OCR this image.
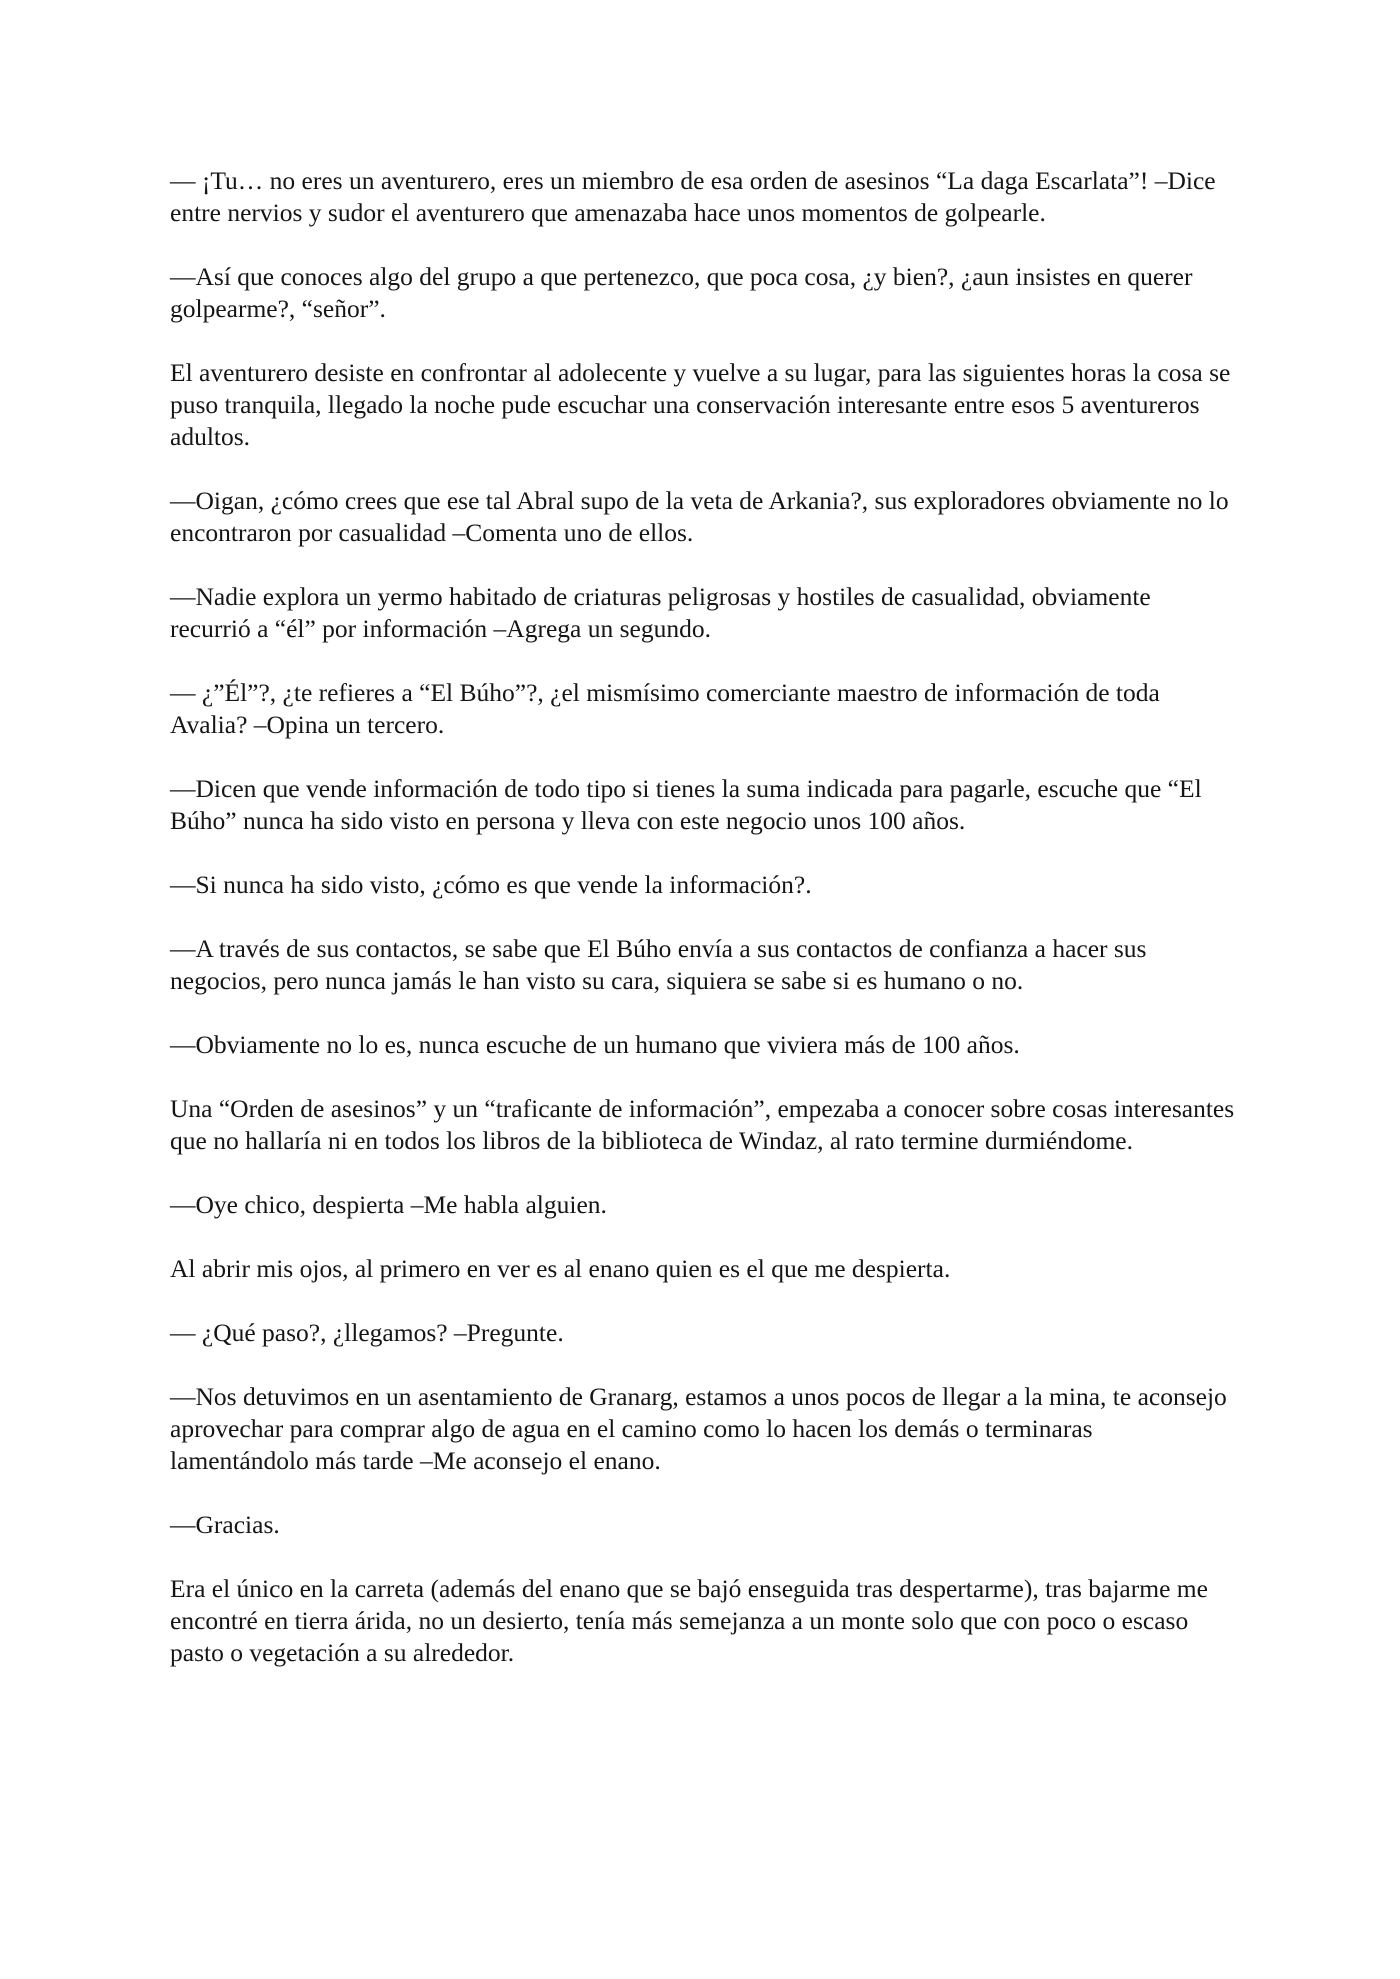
— ¡Tu… no eres un aventurero, eres un miembro de esa orden de asesinos “La daga Escarlata”! –Dice entre nervios y sudor el aventurero que amenazaba hace unos momentos de golpearle.

—Así que conoces algo del grupo a que pertenezco, que poca cosa, ¿y bien?, ¿aun insistes en querer golpearme?, “señor”.

El aventurero desiste en confrontar al adolecente y vuelve a su lugar, para las siguientes horas la cosa se puso tranquila, llegado la noche pude escuchar una conservación interesante entre esos 5 aventureros adultos.

—Oigan, ¿cómo crees que ese tal Abral supo de la veta de Arkania?, sus exploradores obviamente no lo encontraron por casualidad –Comenta uno de ellos.

—Nadie explora un yermo habitado de criaturas peligrosas y hostiles de casualidad, obviamente recurrió a “él” por información –Agrega un segundo.

— ¿”Él”?, ¿te refieres a “El Búho”?, ¿el mismísimo comerciante maestro de información de toda Avalia? –Opina un tercero.

—Dicen que vende información de todo tipo si tienes la suma indicada para pagarle, escuche que “El Búho” nunca ha sido visto en persona y lleva con este negocio unos 100 años.

—Si nunca ha sido visto, ¿cómo es que vende la información?.

—A través de sus contactos, se sabe que El Búho envía a sus contactos de confianza a hacer sus negocios, pero nunca jamás le han visto su cara, siquiera se sabe si es humano o no.

—Obviamente no lo es, nunca escuche de un humano que viviera más de 100 años.

Una “Orden de asesinos” y un “traficante de información”, empezaba a conocer sobre cosas interesantes que no hallaría ni en todos los libros de la biblioteca de Windaz, al rato termine durmiéndome.

—Oye chico, despierta –Me habla alguien.

Al abrir mis ojos, al primero en ver es al enano quien es el que me despierta.

— ¿Qué paso?, ¿llegamos? –Pregunte.

—Nos detuvimos en un asentamiento de Granarg, estamos a unos pocos de llegar a la mina, te aconsejo aprovechar para comprar algo de agua en el camino como lo hacen los demás o terminaras lamentándolo más tarde –Me aconsejo el enano.

—Gracias.

Era el único en la carreta (además del enano que se bajó enseguida tras despertarme), tras bajarme me encontré en tierra árida, no un desierto, tenía más semejanza a un monte solo que con poco o escaso pasto o vegetación a su alrededor.
